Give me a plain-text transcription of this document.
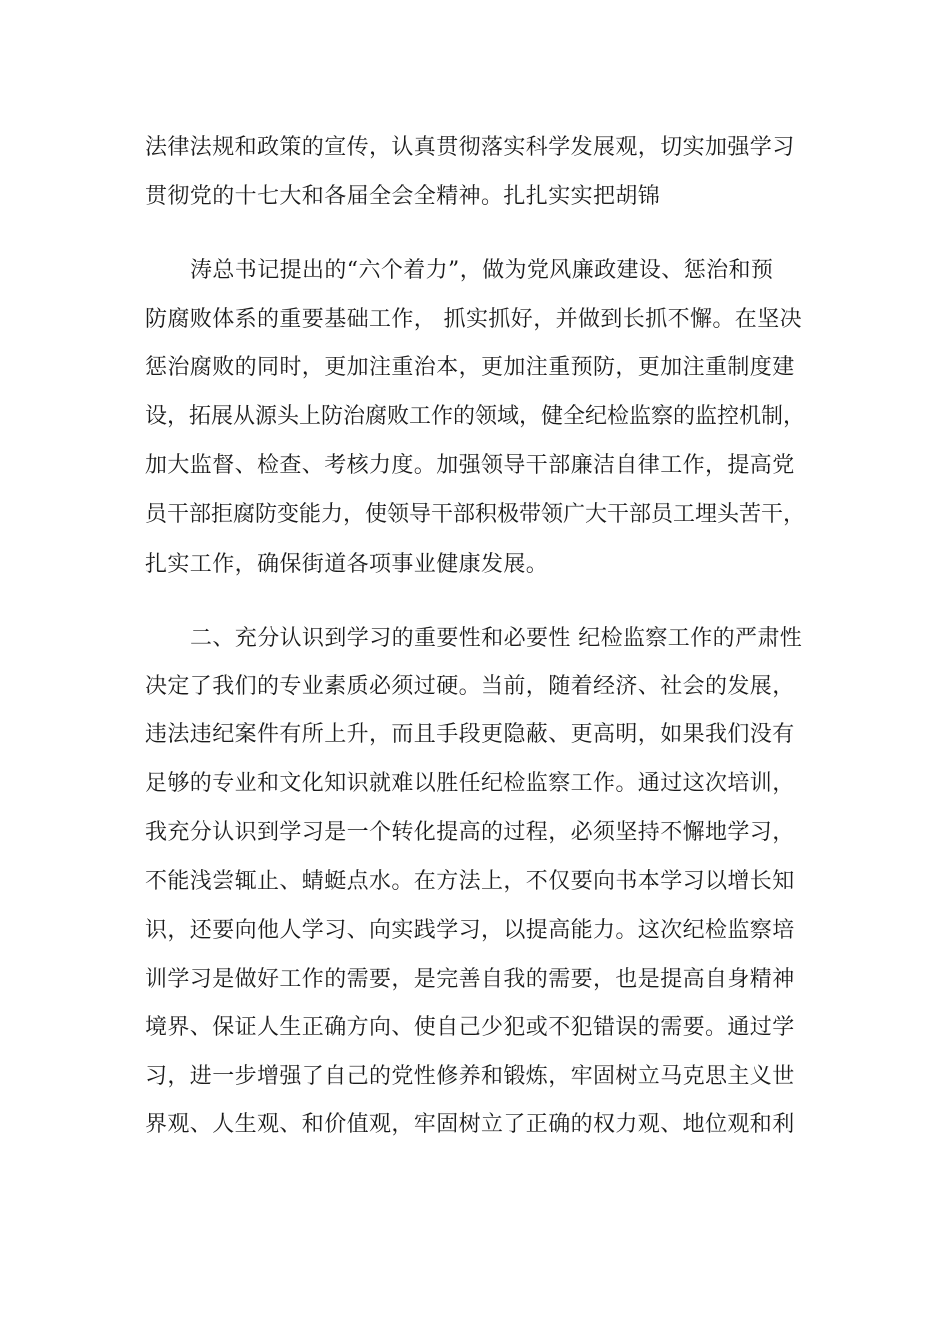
法律法规和政策的宣传，认真贯彻落实科学发展观，切实加强学习
贯彻党的十七大和各届全会全精神。扎扎实实把胡锦
涛总书记提出的“六个着力”，做为党风廉政建设、惩治和预
防腐败体系的重要基础工作， 抓实抓好，并做到长抓不懈。在坚决
惩治腐败的同时，更加注重治本，更加注重预防，更加注重制度建
设，拓展从源头上防治腐败工作的领域，健全纪检监察的监控机制，
加大监督、检查、考核力度。加强领导干部廉洁自律工作，提高党
员干部拒腐防变能力，使领导干部积极带领广大干部员工埋头苦干，
扎实工作，确保街道各项事业健康发展。
二、充分认识到学习的重要性和必要性 纪检监察工作的严肃性
决定了我们的专业素质必须过硬。当前，随着经济、社会的发展，
违法违纪案件有所上升，而且手段更隐蔽、更高明，如果我们没有
足够的专业和文化知识就难以胜任纪检监察工作。通过这次培训，
我充分认识到学习是一个转化提高的过程，必须坚持不懈地学习，
不能浅尝辄止、蜻蜓点水。在方法上，不仅要向书本学习以增长知
识，还要向他人学习、向实践学习，以提高能力。这次纪检监察培
训学习是做好工作的需要，是完善自我的需要，也是提高自身精神
境界、保证人生正确方向、使自己少犯或不犯错误的需要。通过学
习，进一步增强了自己的党性修养和锻炼，牢固树立马克思主义世
界观、人生观、和价值观，牢固树立了正确的权力观、地位观和利
